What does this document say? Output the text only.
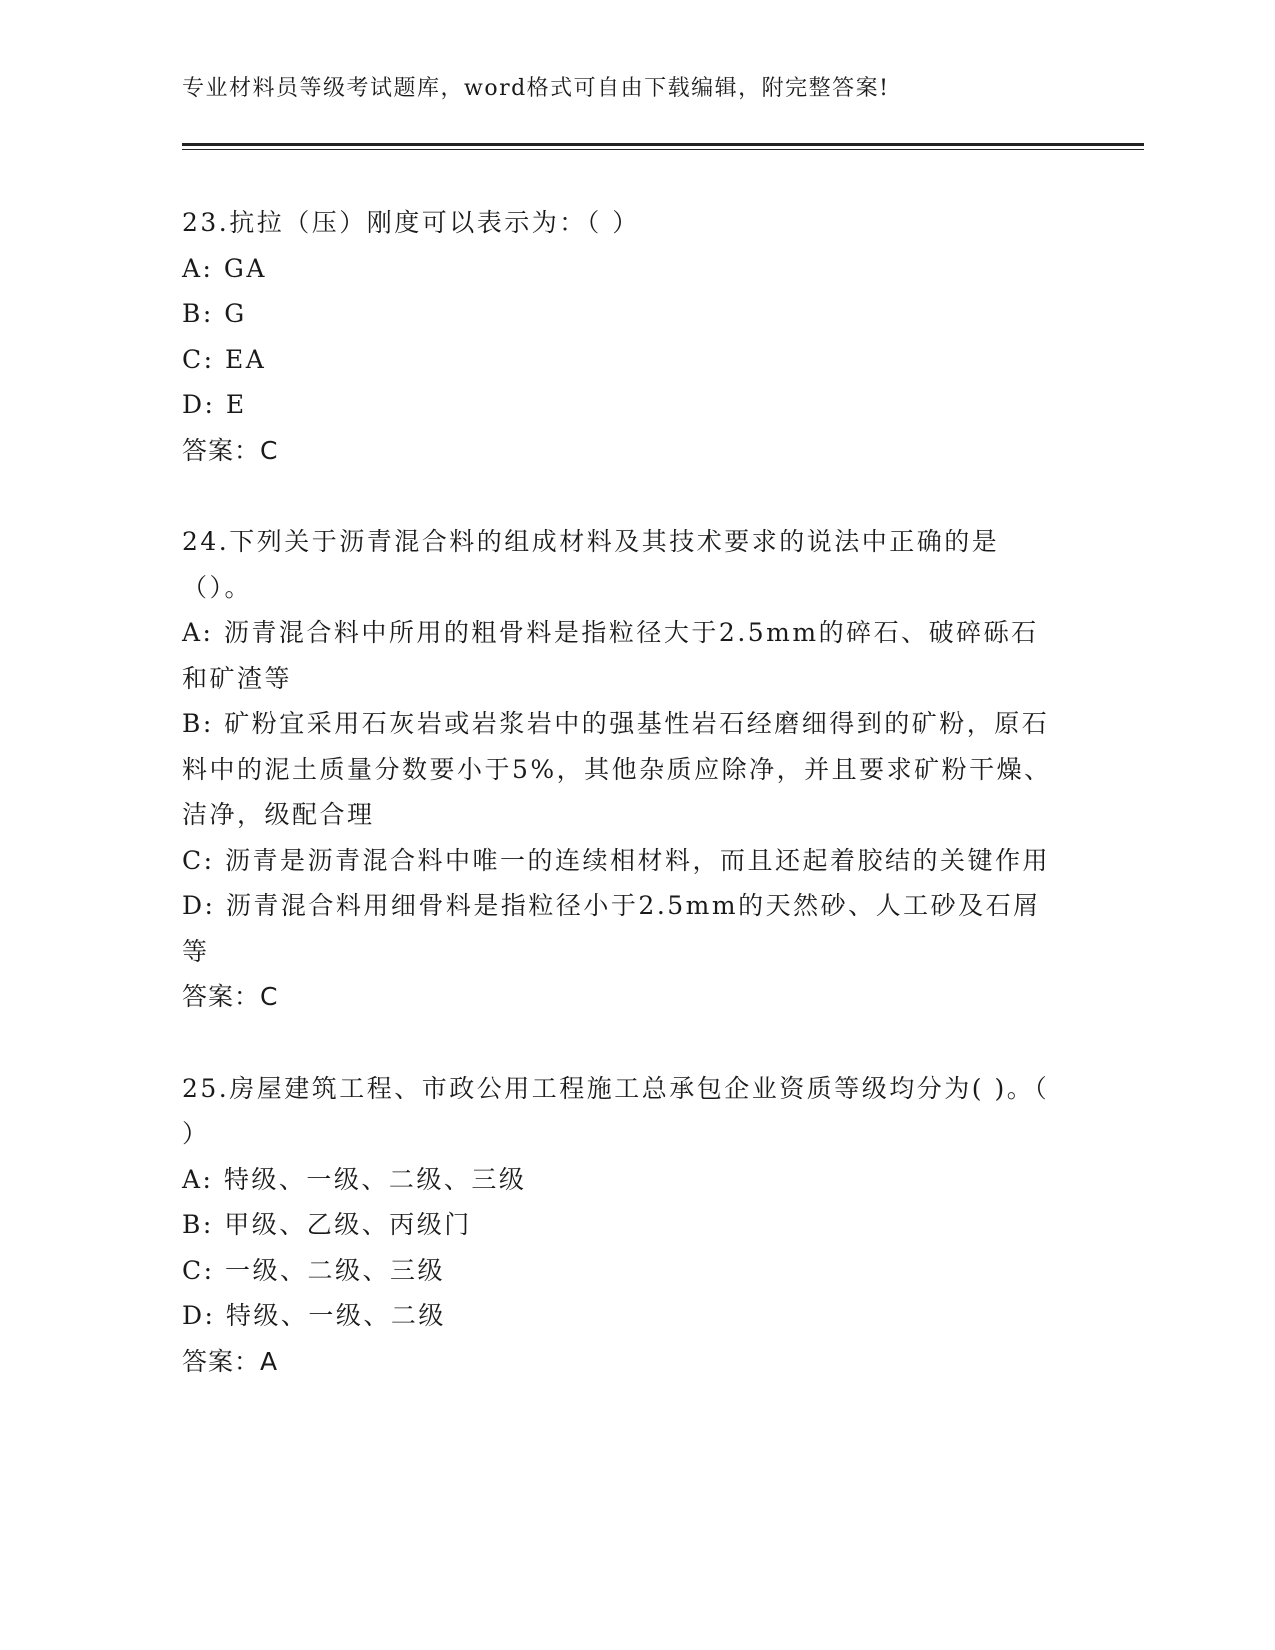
专业材料员等级考试题库，word格式可自由下载编辑，附完整答案!
23.抗拉（压）刚度可以表示为：（ ）
A: GA
B: G
C: EA
D: E
答案：C
24.下列关于沥青混合料的组成材料及其技术要求的说法中正确的是（）。
A: 沥青混合料中所用的粗骨料是指粒径大于2.5mm的碎石、破碎砾石和矿渣等
B: 矿粉宜采用石灰岩或岩浆岩中的强基性岩石经磨细得到的矿粉，原石料中的泥土质量分数要小于5%，其他杂质应除净，并且要求矿粉干燥、洁净，级配合理
C: 沥青是沥青混合料中唯一的连续相材料，而且还起着胶结的关键作用
D: 沥青混合料用细骨料是指粒径小于2.5mm的天然砂、人工砂及石屑等
答案：C
25.房屋建筑工程、市政公用工程施工总承包企业资质等级均分为( )。（　　）
A: 特级、一级、二级、三级
B: 甲级、乙级、丙级门
C: 一级、二级、三级
D: 特级、一级、二级
答案：A
